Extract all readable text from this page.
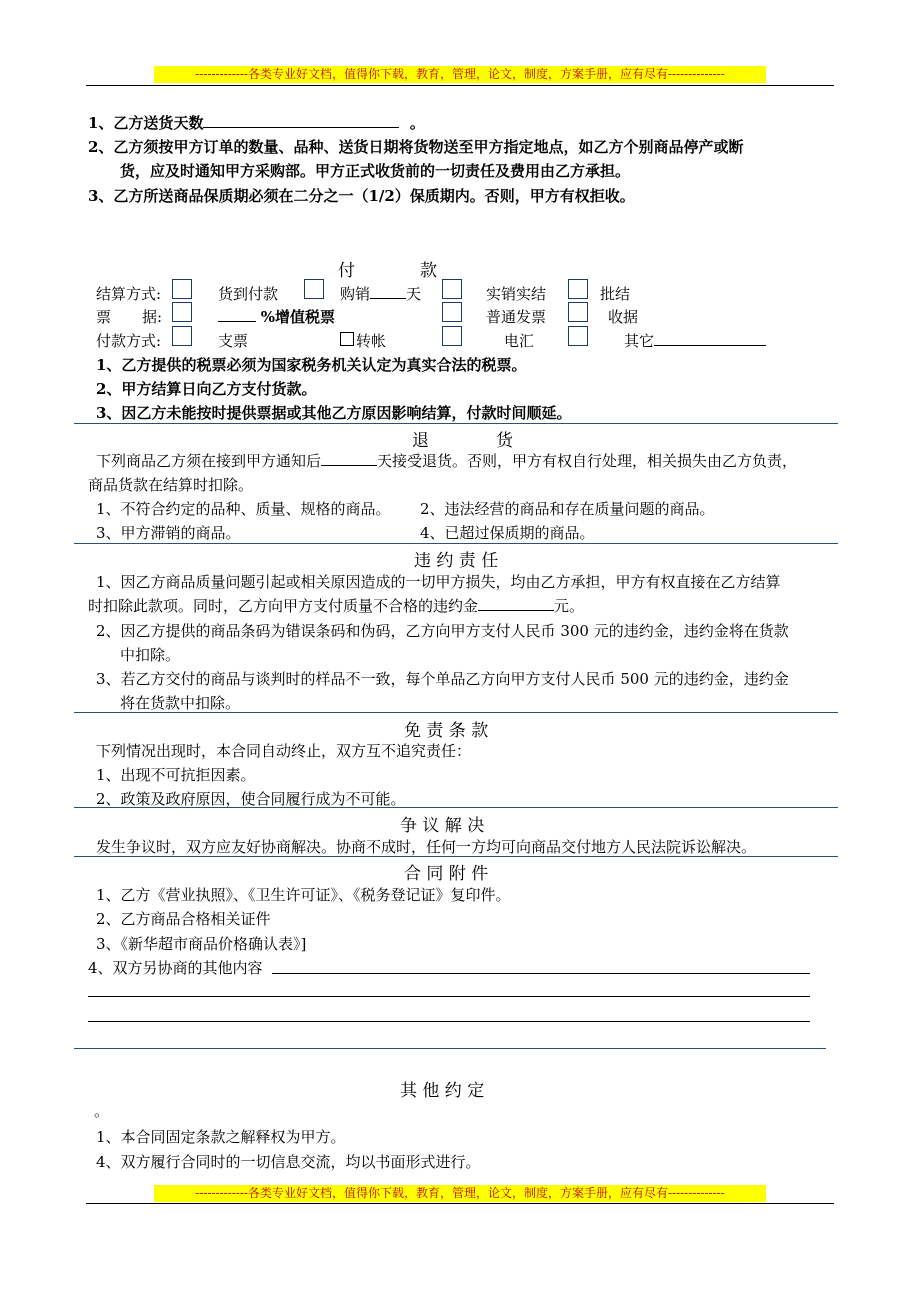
-------------各类专业好文档，值得你下载，教育，管理，论文，制度，方案手册，应有尽有--------------
1、乙方送货天数	。
2、乙方须按甲方订单的数量、品种、送货日期将货物送至甲方指定地点，如乙方个别商品停产或断
货，应及时通知甲方采购部。甲方正式收货前的一切责任及费用由乙方承担。
3、乙方所送商品保质期必须在二分之一（1/2）保质期内。否则，甲方有权拒收。
付	款
结算方式:	货到付款	购销 天	实销实结	批结
票 据:	%增值税票	普通发票	收据
付款方式:	支票	转帐	电汇	其它
1、乙方提供的税票必须为国家税务机关认定为真实合法的税票。
2、甲方结算日向乙方支付货款。
3、因乙方未能按时提供票据或其他乙方原因影响结算，付款时间顺延。
退	货
下列商品乙方须在接到甲方通知后	天接受退货。否则，甲方有权自行处理，相关损失由乙方负责，
商品货款在结算时扣除。
1、不符合约定的品种、质量、规格的商品。 2、违法经营的商品和存在质量问题的商品。
3、甲方滞销的商品。	4、已超过保质期的商品。
违 约 责 任
1、因乙方商品质量问题引起或相关原因造成的一切甲方损失，均由乙方承担，甲方有权直接在乙方结算
时扣除此款项。同时，乙方向甲方支付质量不合格的违约金	元。
2、因乙方提供的商品条码为错误条码和伪码，乙方向甲方支付人民币 300 元的违约金，违约金将在货款
中扣除。
3、若乙方交付的商品与谈判时的样品不一致，每个单品乙方向甲方支付人民币 500 元的违约金，违约金
将在货款中扣除。
免 责 条 款
下列情况出现时，本合同自动终止，双方互不追究责任：
1、出现不可抗拒因素。
2、政策及政府原因，使合同履行成为不可能。
争 议 解 决
发生争议时，双方应友好协商解决。协商不成时，任何一方均可向商品交付地方人民法院诉讼解决。
合 同 附 件
1、乙方《营业执照》、《卫生许可证》、《税务登记证》复印件。
2、乙方商品合格相关证件
3、《新华超市商品价格确认表》]
4、双方另协商的其他内容
其 他 约 定
。
1、本合同固定条款之解释权为甲方。
4、双方履行合同时的一切信息交流，均以书面形式进行。
-------------各类专业好文档，值得你下载，教育，管理，论文，制度，方案手册，应有尽有--------------
